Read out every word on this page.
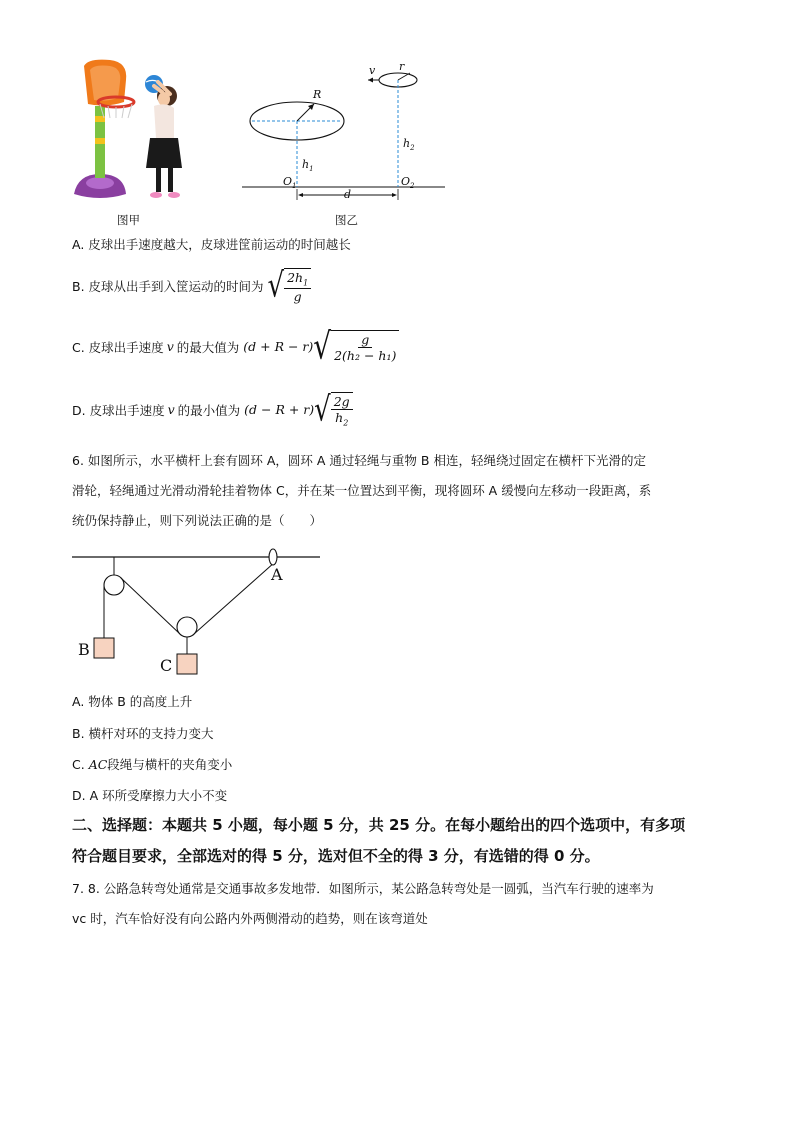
图甲
v r
R
$h_1$
$h_2$
$O_1$	$O_2$
d
图乙
A. 皮球出手速度越大，皮球进筐前运动的时间越长
B. 皮球从出手到入筐运动的时间为 √ $\frac{2h_1}{g}$
C. 皮球出手速度 v 的最大值为 (d + R − r) √ $\frac{g}{\text{2(h₂ − h₁)}}$
D. 皮球出手速度 v 的最小值为 (d − R + r) √ $\frac{2g}{h_2}$
6. 如图所示，水平横杆上套有圆环 A，圆环 A 通过轻绳与重物 B 相连，轻绳绕过固定在横杆下光滑的定
滑轮，轻绳通过光滑动滑轮挂着物体 C，并在某一位置达到平衡，现将圆环 A 缓慢向左移动一段距离，系
统仍保持静止，则下列说法正确的是（　　）
A
B
C
A. 物体 B 的高度上升
B. 横杆对环的支持力变大
C. AC段绳与横杆的夹角变小
D. A 环所受摩擦力大小不变
二、选择题：本题共 5 小题，每小题 5 分，共 25 分。在每小题给出的四个选项中，有多项
符合题目要求，全部选对的得 5 分，选对但不全的得 3 分，有选错的得 0 分。
7. 8. 公路急转弯处通常是交通事故多发地带．如图所示，某公路急转弯处是一圆弧，当汽车行驶的速率为
vc 时，汽车恰好没有向公路内外两侧滑动的趋势，则在该弯道处
